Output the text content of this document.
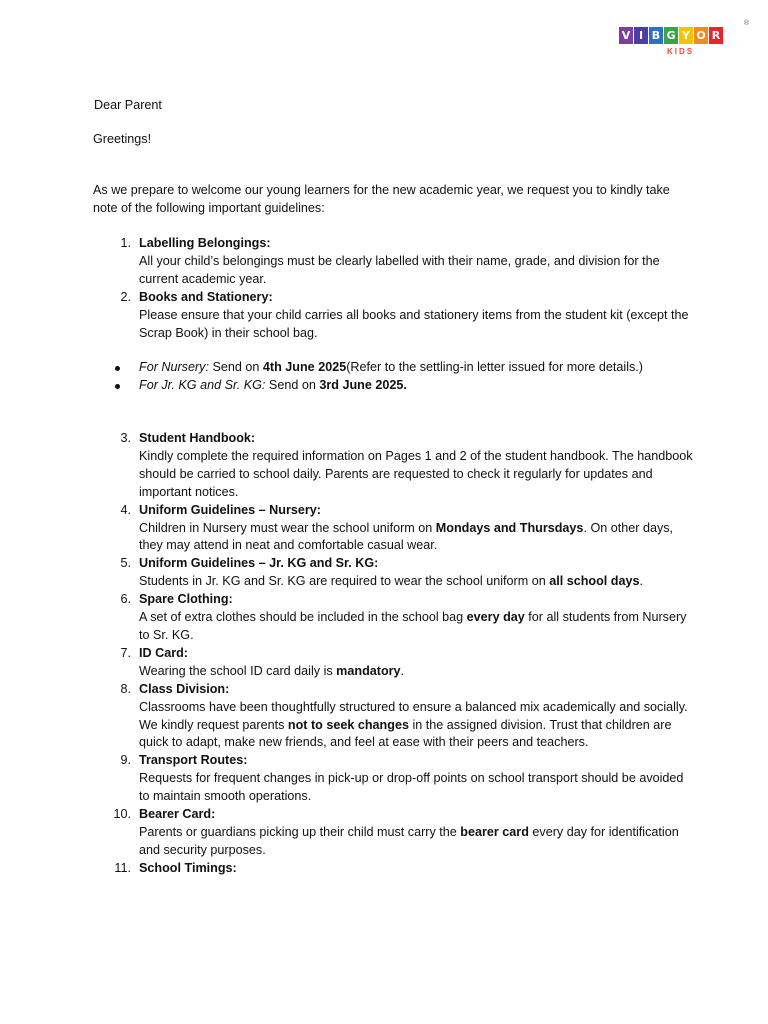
V I B G Y O R
®
KIDS

Dear Parent

Greetings!

As we prepare to welcome our young learners for the new academic year, we request you to kindly take note of the following important guidelines:

1. Labelling Belongings:
All your child’s belongings must be clearly labelled with their name, grade, and division for the current academic year.
2. Books and Stationery:
Please ensure that your child carries all books and stationery items from the student kit (except the Scrap Book) in their school bag.
For Nursery: Send on 4th June 2025(Refer to the settling-in letter issued for more details.)
For Jr. KG and Sr. KG: Send on 3rd June 2025.
3. Student Handbook:
Kindly complete the required information on Pages 1 and 2 of the student handbook. The handbook should be carried to school daily. Parents are requested to check it regularly for updates and important notices.
4. Uniform Guidelines – Nursery:
Children in Nursery must wear the school uniform on Mondays and Thursdays. On other days, they may attend in neat and comfortable casual wear.
5. Uniform Guidelines – Jr. KG and Sr. KG:
Students in Jr. KG and Sr. KG are required to wear the school uniform on all school days.
6. Spare Clothing:
A set of extra clothes should be included in the school bag every day for all students from Nursery to Sr. KG.
7. ID Card:
Wearing the school ID card daily is mandatory.
8. Class Division:
Classrooms have been thoughtfully structured to ensure a balanced mix academically and socially. We kindly request parents not to seek changes in the assigned division. Trust that children are quick to adapt, make new friends, and feel at ease with their peers and teachers.
9. Transport Routes:
Requests for frequent changes in pick-up or drop-off points on school transport should be avoided to maintain smooth operations.
10. Bearer Card:
Parents or guardians picking up their child must carry the bearer card every day for identification and security purposes.
11. School Timings:
